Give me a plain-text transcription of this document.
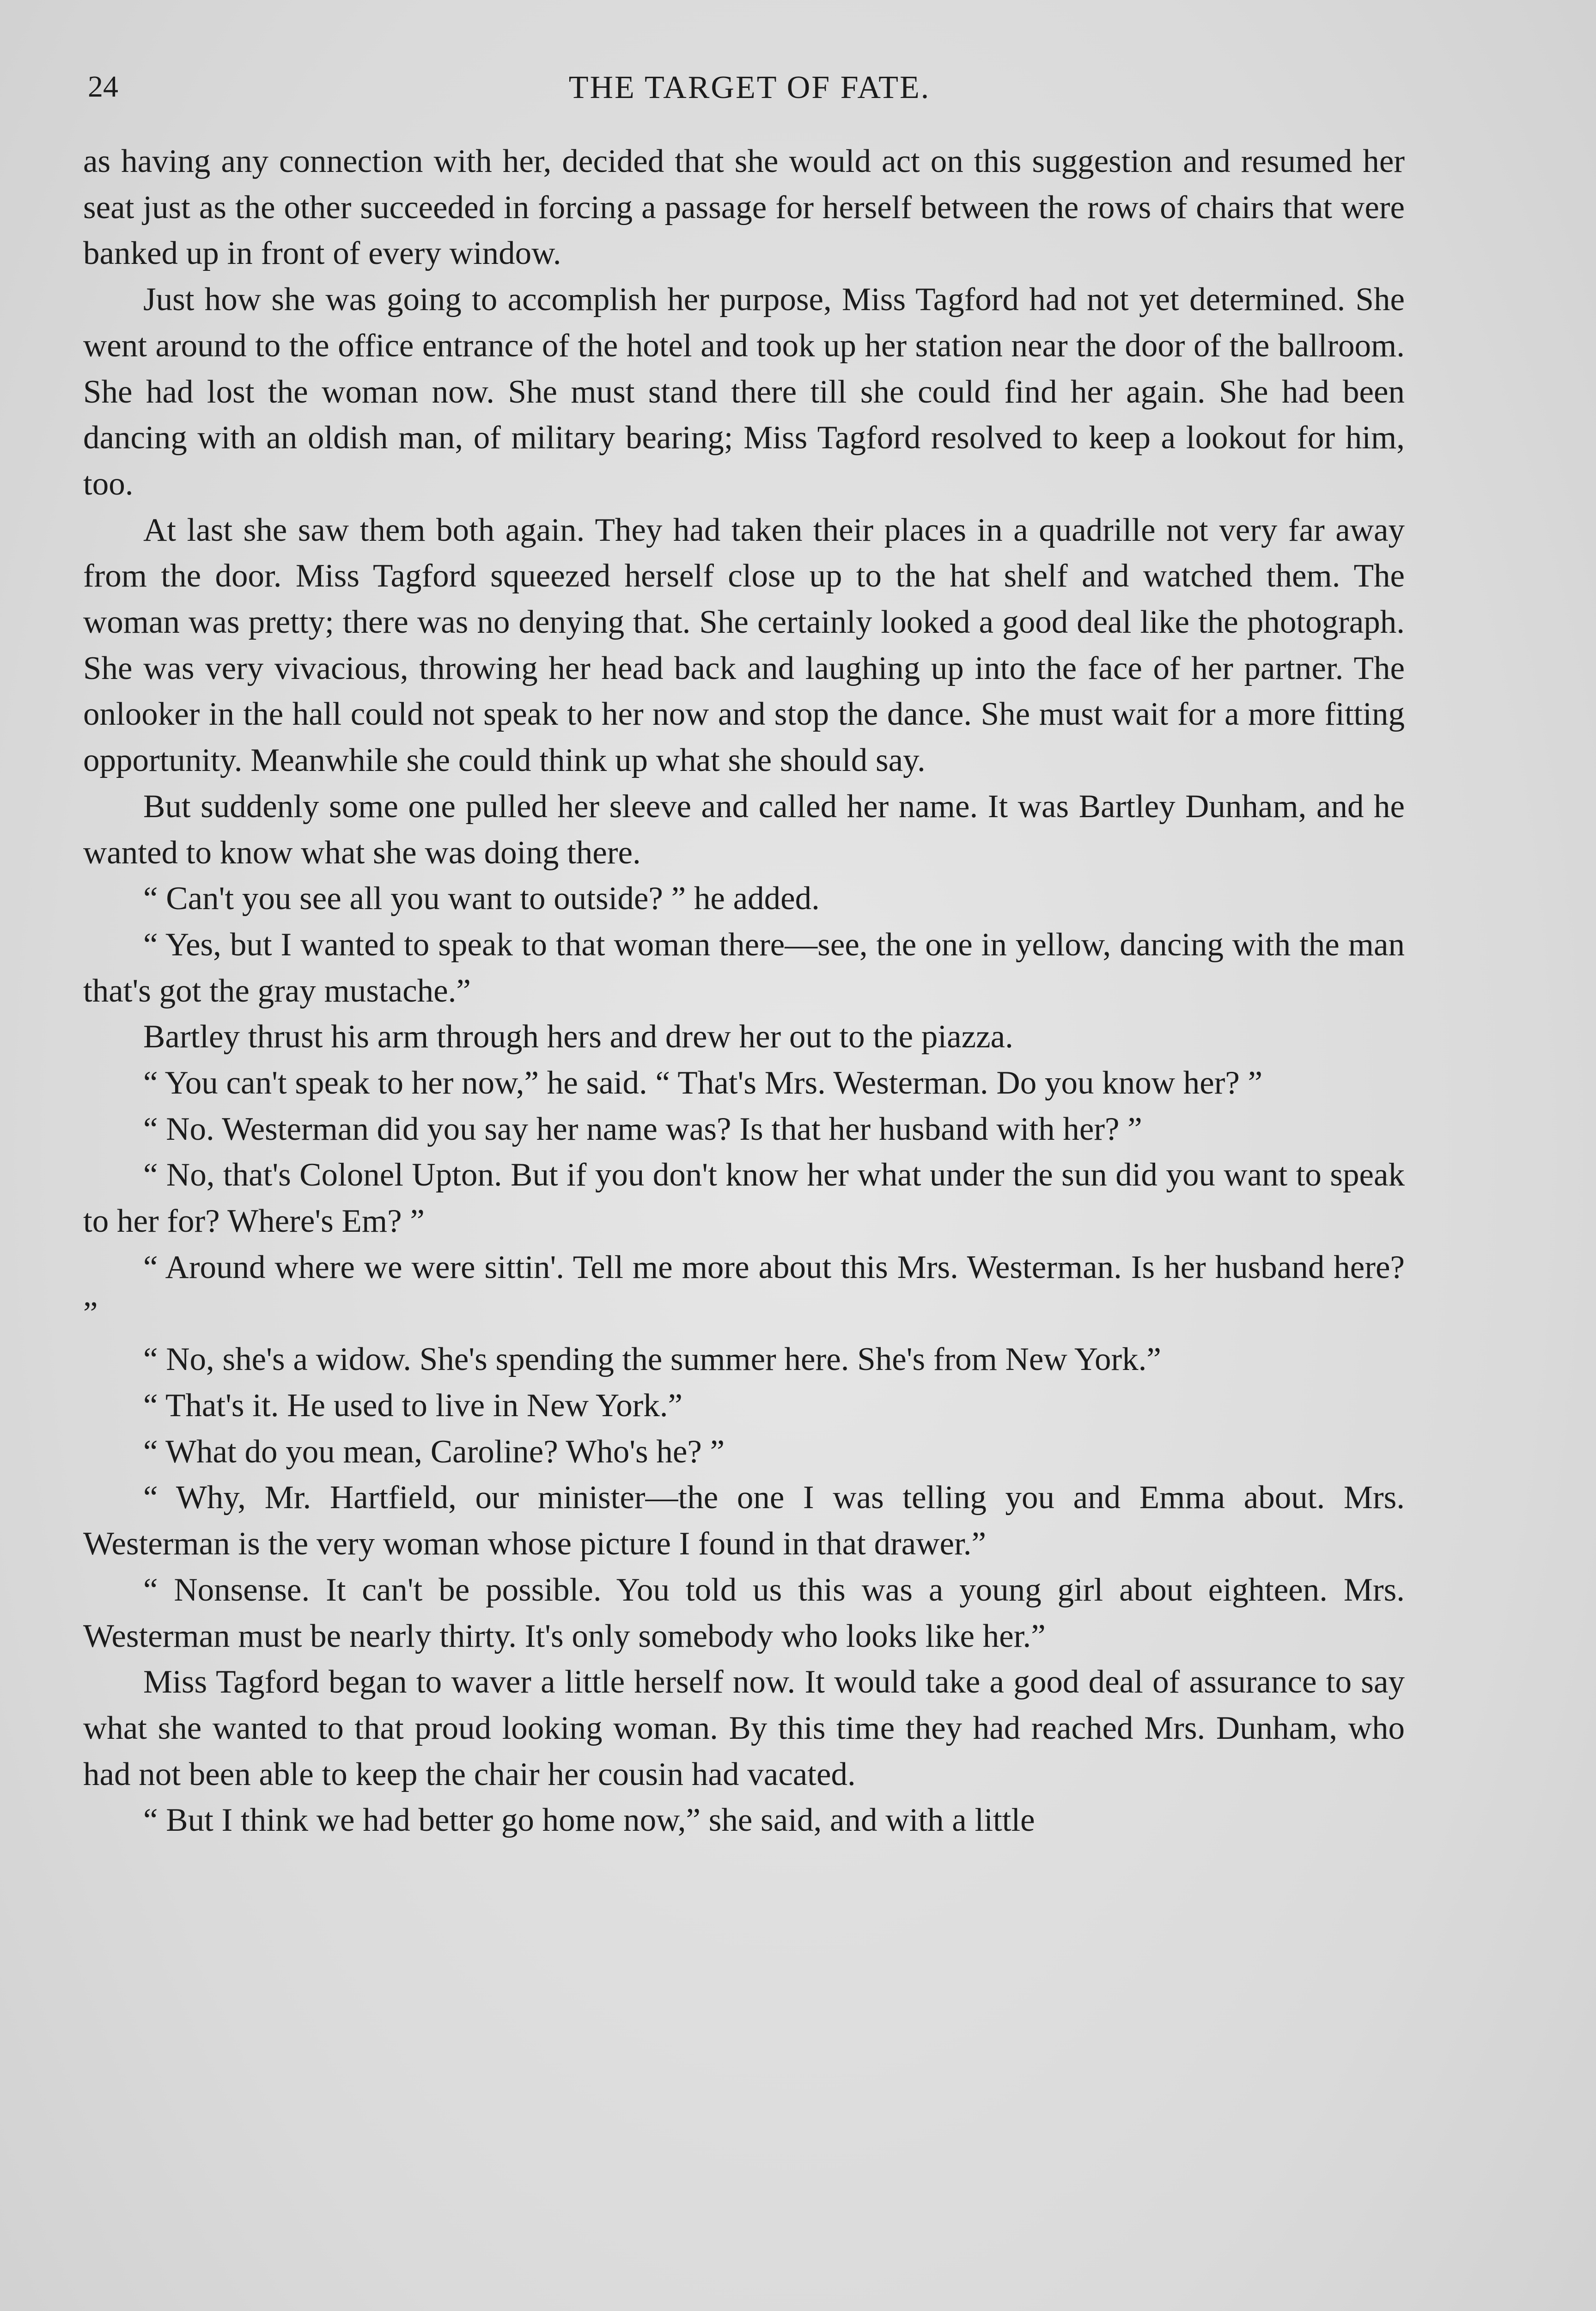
24	THE TARGET OF FATE.

as having any connection with her, decided that she would act on this suggestion and resumed her seat just as the other succeeded in forcing a passage for herself between the rows of chairs that were banked up in front of every window.

Just how she was going to accomplish her purpose, Miss Tagford had not yet determined. She went around to the office entrance of the hotel and took up her station near the door of the ballroom. She had lost the woman now. She must stand there till she could find her again. She had been dancing with an oldish man, of military bearing; Miss Tagford resolved to keep a lookout for him, too.

At last she saw them both again. They had taken their places in a quadrille not very far away from the door. Miss Tagford squeezed herself close up to the hat shelf and watched them. The woman was pretty; there was no denying that. She certainly looked a good deal like the photograph. She was very vivacious, throwing her head back and laughing up into the face of her partner. The onlooker in the hall could not speak to her now and stop the dance. She must wait for a more fitting opportunity. Meanwhile she could think up what she should say.

But suddenly some one pulled her sleeve and called her name. It was Bartley Dunham, and he wanted to know what she was doing there.

“ Can't you see all you want to outside? ” he added.

“ Yes, but I wanted to speak to that woman there—see, the one in yellow, dancing with the man that's got the gray mustache.”

Bartley thrust his arm through hers and drew her out to the piazza.

“ You can't speak to her now,” he said. “ That's Mrs. Westerman. Do you know her? ”

“ No. Westerman did you say her name was? Is that her husband with her? ”

“ No, that's Colonel Upton. But if you don't know her what under the sun did you want to speak to her for? Where's Em? ”

“ Around where we were sittin'. Tell me more about this Mrs. Westerman. Is her husband here? ”

“ No, she's a widow. She's spending the summer here. She's from New York.”

“ That's it. He used to live in New York.”

“ What do you mean, Caroline? Who's he? ”

“ Why, Mr. Hartfield, our minister—the one I was telling you and Emma about. Mrs. Westerman is the very woman whose picture I found in that drawer.”

“ Nonsense. It can't be possible. You told us this was a young girl about eighteen. Mrs. Westerman must be nearly thirty. It's only somebody who looks like her.”

Miss Tagford began to waver a little herself now. It would take a good deal of assurance to say what she wanted to that proud looking woman. By this time they had reached Mrs. Dunham, who had not been able to keep the chair her cousin had vacated.

“ But I think we had better go home now,” she said, and with a little
